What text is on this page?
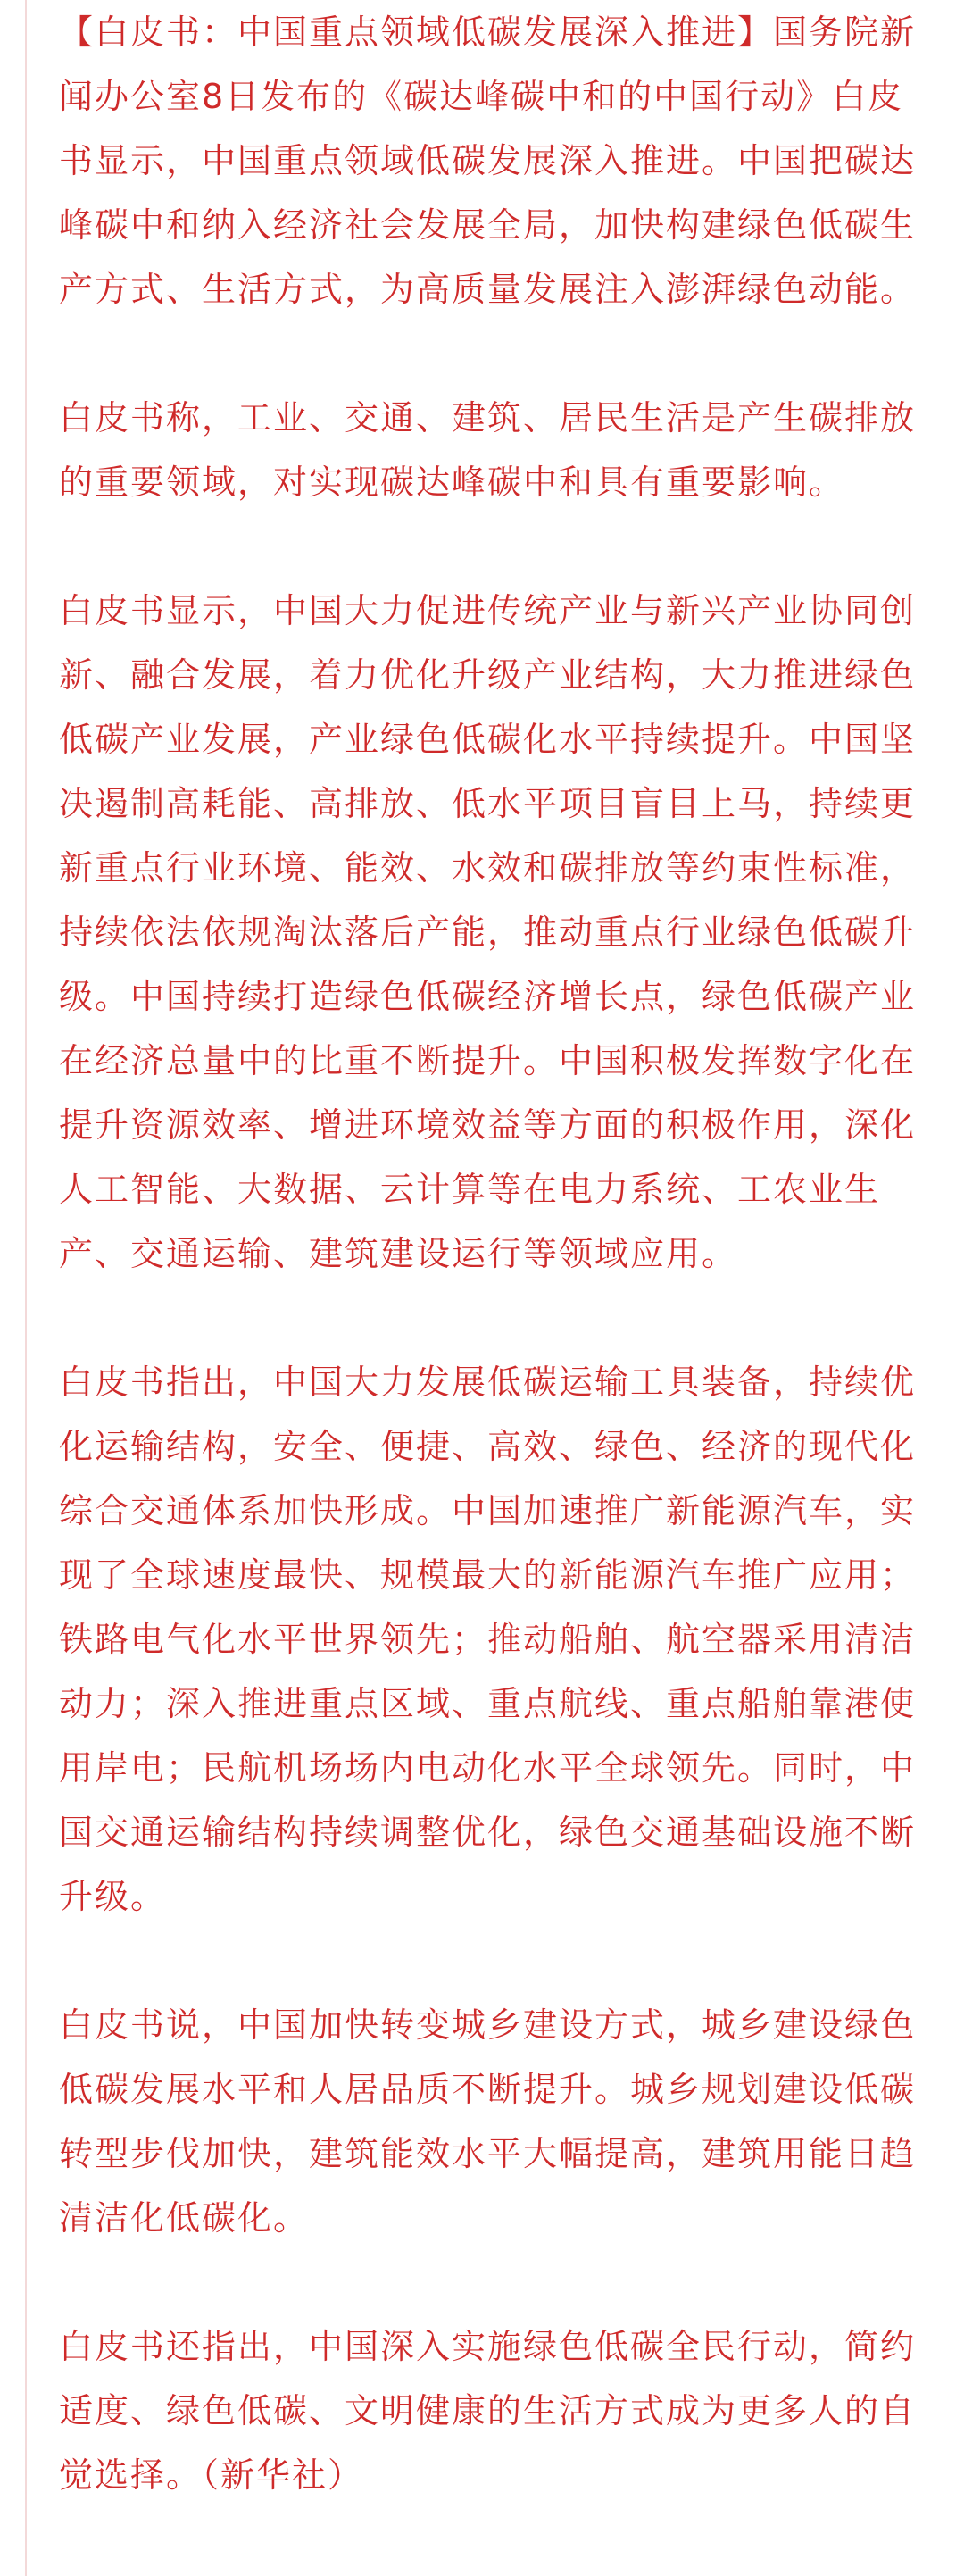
【白皮书：中国重点领域低碳发展深入推进】国务院新闻办公室8日发布的《碳达峰碳中和的中国行动》白皮书显示，中国重点领域低碳发展深入推进。中国把碳达峰碳中和纳入经济社会发展全局，加快构建绿色低碳生产方式、生活方式，为高质量发展注入澎湃绿色动能。

白皮书称，工业、交通、建筑、居民生活是产生碳排放的重要领域，对实现碳达峰碳中和具有重要影响。

白皮书显示，中国大力促进传统产业与新兴产业协同创新、融合发展，着力优化升级产业结构，大力推进绿色低碳产业发展，产业绿色低碳化水平持续提升。中国坚决遏制高耗能、高排放、低水平项目盲目上马，持续更新重点行业环境、能效、水效和碳排放等约束性标准，持续依法依规淘汰落后产能，推动重点行业绿色低碳升级。中国持续打造绿色低碳经济增长点，绿色低碳产业在经济总量中的比重不断提升。中国积极发挥数字化在提升资源效率、增进环境效益等方面的积极作用，深化人工智能、大数据、云计算等在电力系统、工农业生产、交通运输、建筑建设运行等领域应用。

白皮书指出，中国大力发展低碳运输工具装备，持续优化运输结构，安全、便捷、高效、绿色、经济的现代化综合交通体系加快形成。中国加速推广新能源汽车，实现了全球速度最快、规模最大的新能源汽车推广应用；铁路电气化水平世界领先；推动船舶、航空器采用清洁动力；深入推进重点区域、重点航线、重点船舶靠港使用岸电；民航机场场内电动化水平全球领先。同时，中国交通运输结构持续调整优化，绿色交通基础设施不断升级。

白皮书说，中国加快转变城乡建设方式，城乡建设绿色低碳发展水平和人居品质不断提升。城乡规划建设低碳转型步伐加快，建筑能效水平大幅提高，建筑用能日趋清洁化低碳化。

白皮书还指出，中国深入实施绿色低碳全民行动，简约适度、绿色低碳、文明健康的生活方式成为更多人的自觉选择。（新华社）
